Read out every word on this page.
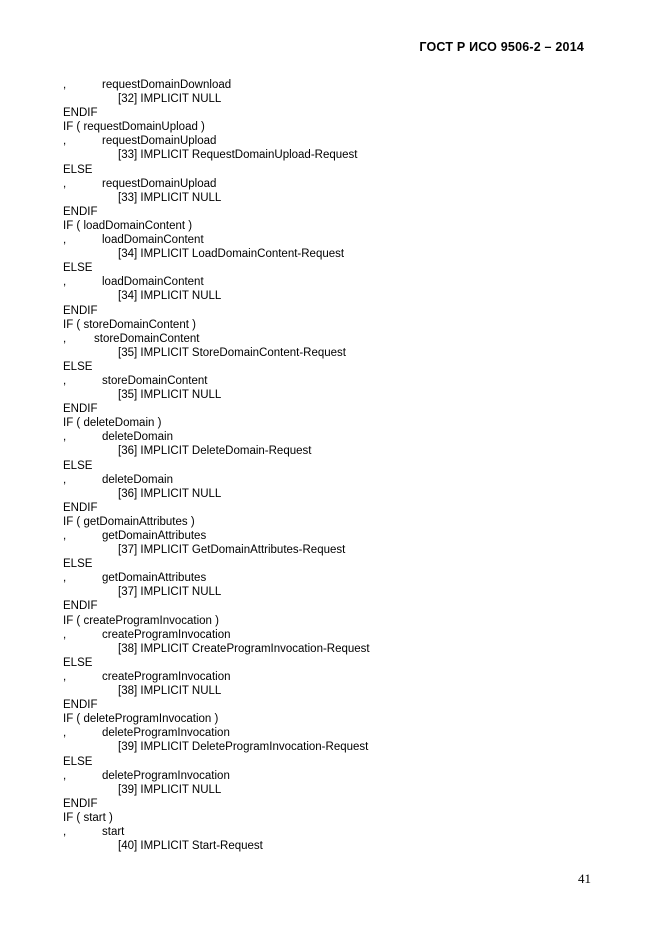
ГОСТ Р ИСО 9506-2 – 2014
,	requestDomainDownload
[32] IMPLICIT NULL
ENDIF
IF ( requestDomainUpload )
,	requestDomainUpload
[33] IMPLICIT RequestDomainUpload-Request
ELSE
,	requestDomainUpload
[33] IMPLICIT NULL
ENDIF
IF ( loadDomainContent )
,	loadDomainContent
[34] IMPLICIT LoadDomainContent-Request
ELSE
,	loadDomainContent
[34] IMPLICIT NULL
ENDIF
IF ( storeDomainContent )
, storeDomainContent
[35] IMPLICIT StoreDomainContent-Request
ELSE
,	storeDomainContent
[35] IMPLICIT NULL
ENDIF
IF ( deleteDomain )
,	deleteDomain
[36] IMPLICIT DeleteDomain-Request
ELSE
,	deleteDomain
[36] IMPLICIT NULL
ENDIF
IF ( getDomainAttributes )
,	getDomainAttributes
[37] IMPLICIT GetDomainAttributes-Request
ELSE
,	getDomainAttributes
[37] IMPLICIT NULL
ENDIF
IF ( createProgramInvocation )
,	createProgramInvocation
[38] IMPLICIT CreateProgramInvocation-Request
ELSE
,	createProgramInvocation
[38] IMPLICIT NULL
ENDIF
IF ( deleteProgramInvocation )
,	deleteProgramInvocation
[39] IMPLICIT DeleteProgramInvocation-Request
ELSE
,	deleteProgramInvocation
[39] IMPLICIT NULL
ENDIF
IF ( start )
,	start
[40] IMPLICIT Start-Request
41
